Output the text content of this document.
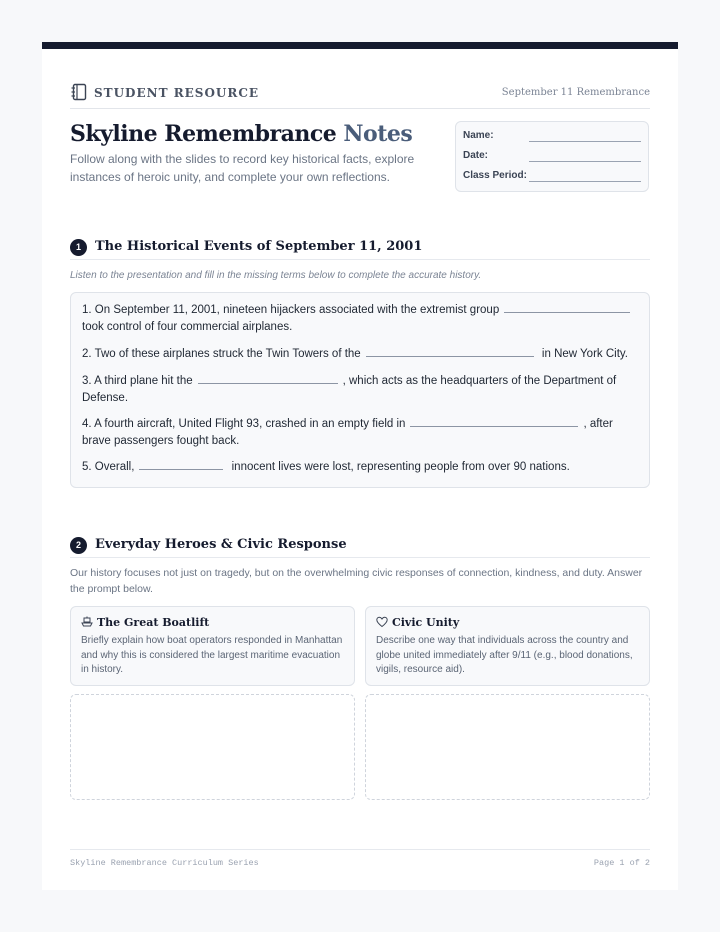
STUDENT RESOURCE	September 11 Remembrance
Skyline Remembrance Notes
Follow along with the slides to record key historical facts, explore instances of heroic unity, and complete your own reflections.
Name:
Date:
Class Period:
1	The Historical Events of September 11, 2001
Listen to the presentation and fill in the missing terms below to complete the accurate history.
1. On September 11, 2001, nineteen hijackers associated with the extremist group
took control of four commercial airplanes.
2. Two of these airplanes struck the Twin Towers of the	in New York City.
3. A third plane hit the	, which acts as the headquarters of the Department of Defense.
4. A fourth aircraft, United Flight 93, crashed in an empty field in	, after brave passengers fought back.
5. Overall,	innocent lives were lost, representing people from over 90 nations.
2	Everyday Heroes & Civic Response
Our history focuses not just on tragedy, but on the overwhelming civic responses of connection, kindness, and duty. Answer the prompt below.
The Great Boatlift
Briefly explain how boat operators responded in Manhattan and why this is considered the largest maritime evacuation in history.
Civic Unity
Describe one way that individuals across the country and globe united immediately after 9/11 (e.g., blood donations, vigils, resource aid).
Skyline Remembrance Curriculum Series	Page 1 of 2
